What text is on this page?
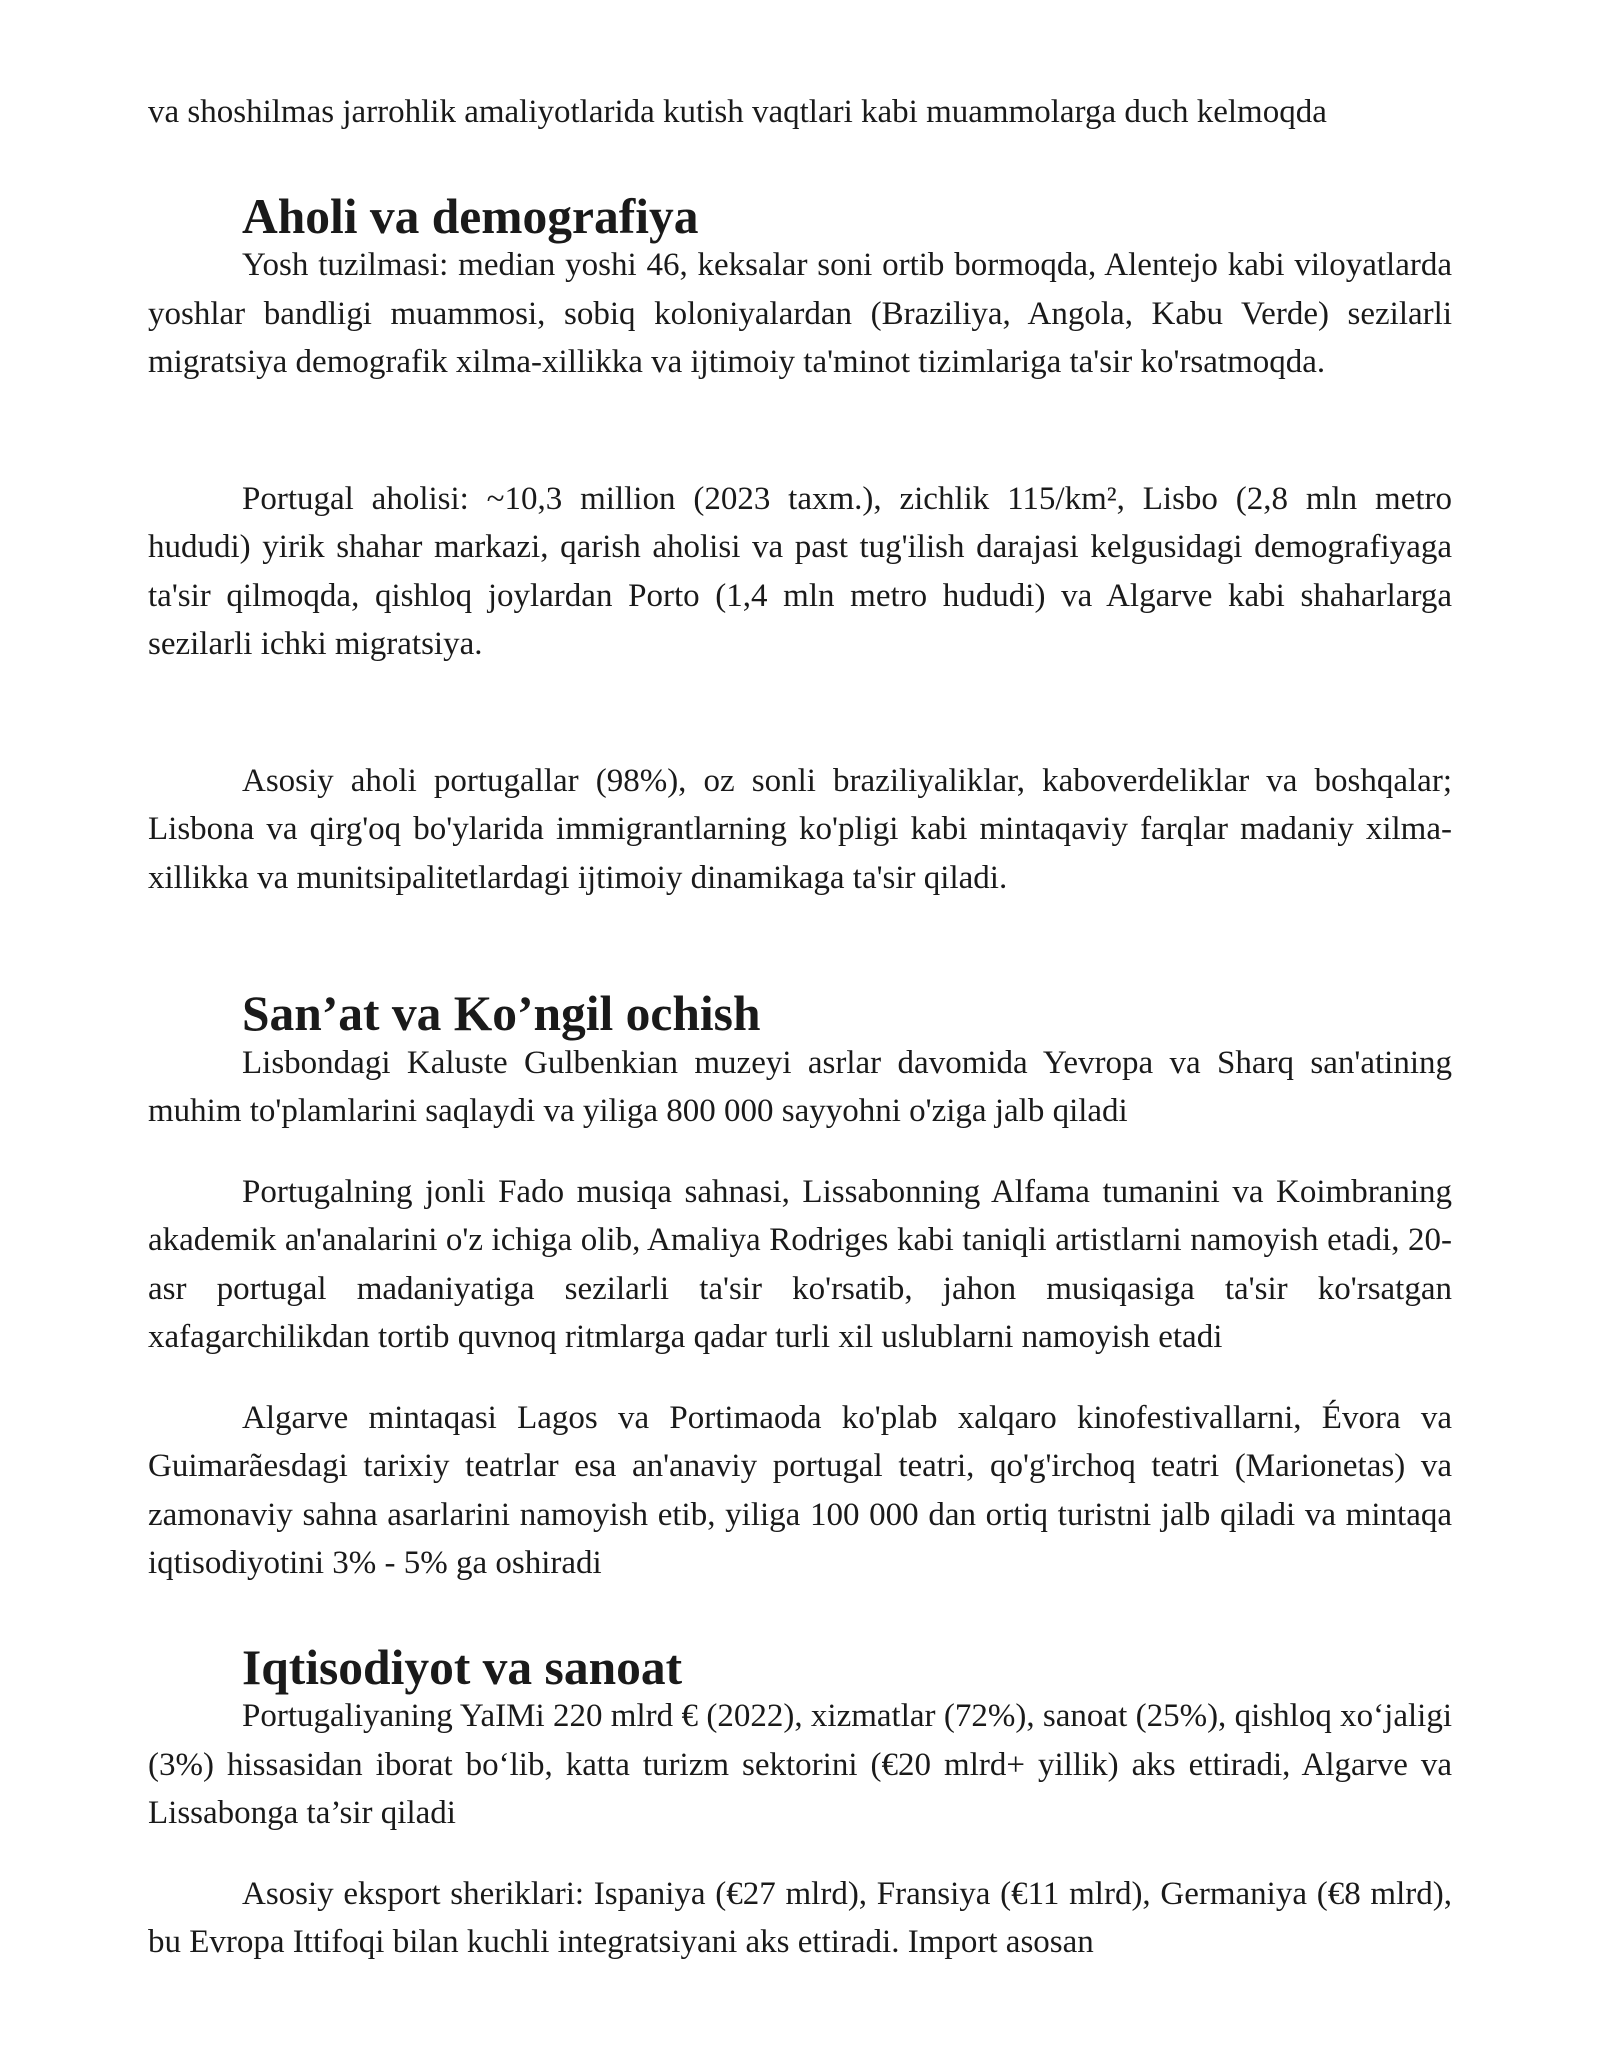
va shoshilmas jarrohlik amaliyotlarida kutish vaqtlari kabi muammolarga duch kelmoqda

Aholi va demografiya

Yosh tuzilmasi: median yoshi 46, keksalar soni ortib bormoqda, Alentejo kabi viloyatlarda yoshlar bandligi muammosi, sobiq koloniyalardan (Braziliya, Angola, Kabu Verde) sezilarli migratsiya demografik xilma-xillikka va ijtimoiy ta'minot tizimlariga ta'sir ko'rsatmoqda.

Portugal aholisi: ~10,3 million (2023 taxm.), zichlik 115/km², Lisbo (2,8 mln metro hududi) yirik shahar markazi, qarish aholisi va past tug'ilish darajasi kelgusidagi demografiyaga ta'sir qilmoqda, qishloq joylardan Porto (1,4 mln metro hududi) va Algarve kabi shaharlarga sezilarli ichki migratsiya.

Asosiy aholi portugallar (98%), oz sonli braziliyaliklar, kaboverdeliklar va boshqalar; Lisbona va qirg'oq bo'ylarida immigrantlarning ko'pligi kabi mintaqaviy farqlar madaniy xilma-xillikka va munitsipalitetlardagi ijtimoiy dinamikaga ta'sir qiladi.

San’at va Ko’ngil ochish

Lisbondagi Kaluste Gulbenkian muzeyi asrlar davomida Yevropa va Sharq san'atining muhim to'plamlarini saqlaydi va yiliga 800 000 sayyohni o'ziga jalb qiladi

Portugalning jonli Fado musiqa sahnasi, Lissabonning Alfama tumanini va Koimbraning akademik an'analarini o'z ichiga olib, Amaliya Rodriges kabi taniqli artistlarni namoyish etadi, 20-asr portugal madaniyatiga sezilarli ta'sir ko'rsatib, jahon musiqasiga ta'sir ko'rsatgan xafagarchilikdan tortib quvnoq ritmlarga qadar turli xil uslublarni namoyish etadi

Algarve mintaqasi Lagos va Portimaoda ko'plab xalqaro kinofestivallarni, Évora va Guimarãesdagi tarixiy teatrlar esa an'anaviy portugal teatri, qo'g'irchoq teatri (Marionetas) va zamonaviy sahna asarlarini namoyish etib, yiliga 100 000 dan ortiq turistni jalb qiladi va mintaqa iqtisodiyotini 3% - 5% ga oshiradi

Iqtisodiyot va sanoat

Portugaliyaning YaIMi 220 mlrd € (2022), xizmatlar (72%), sanoat (25%), qishloq xo‘jaligi (3%) hissasidan iborat bo‘lib, katta turizm sektorini (€20 mlrd+ yillik) aks ettiradi, Algarve va Lissabonga ta’sir qiladi

Asosiy eksport sheriklari: Ispaniya (€27 mlrd), Fransiya (€11 mlrd), Germaniya (€8 mlrd), bu Evropa Ittifoqi bilan kuchli integratsiyani aks ettiradi. Import asosan
